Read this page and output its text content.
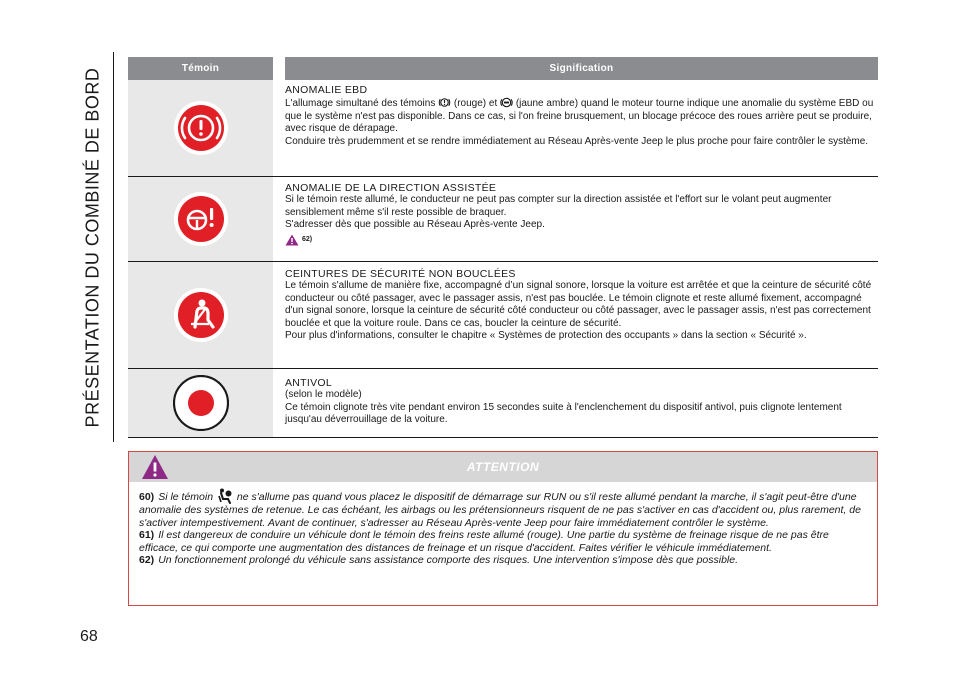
PRÉSENTATION DU COMBINÉ DE BORD
68
Témoin	Signification

ANOMALIE EBD

L'allumage simultané des témoins (rouge) et (jaune ambre) quand le moteur tourne indique une anomalie du système EBD ou que le système n'est pas disponible. Dans ce cas, si l'on freine brusquement, un blocage précoce des roues arrière peut se produire, avec risque de dérapage.

Conduire très prudemment et se rendre immédiatement au Réseau Après-vente Jeep le plus proche pour faire contrôler le système.

ANOMALIE DE LA DIRECTION ASSISTÉE

Si le témoin reste allumé, le conducteur ne peut pas compter sur la direction assistée et l'effort sur le volant peut augmenter sensiblement même s'il reste possible de braquer.

S'adresser dès que possible au Réseau Après-vente Jeep.

62)

CEINTURES DE SÉCURITÉ NON BOUCLÉES

Le témoin s'allume de manière fixe, accompagné d’un signal sonore, lorsque la voiture est arrêtée et que la ceinture de sécurité côté conducteur ou côté passager, avec le passager assis, n'est pas bouclée. Le témoin clignote et reste allumé fixement, accompagné d'un signal sonore, lorsque la ceinture de sécurité côté conducteur ou côté passager, avec le passager assis, n'est pas correctement bouclée et que la voiture roule. Dans ce cas, boucler la ceinture de sécurité.

Pour plus d'informations, consulter le chapitre « Systèmes de protection des occupants » dans la section « Sécurité ».

ANTIVOL

(selon le modèle)

Ce témoin clignote très vite pendant environ 15 secondes suite à l'enclenchement du dispositif antivol, puis clignote lentement jusqu'au déverrouillage de la voiture.

ATTENTION

60) Si le témoin ne s'allume pas quand vous placez le dispositif de démarrage sur RUN ou s'il reste allumé pendant la marche, il s'agit peut-être d'une anomalie des systèmes de retenue. Le cas échéant, les airbags ou les prétensionneurs risquent de ne pas s'activer en cas d'accident ou, plus rarement, de s'activer intempestivement. Avant de continuer, s'adresser au Réseau Après-vente Jeep pour faire immédiatement contrôler le système.

61) Il est dangereux de conduire un véhicule dont le témoin des freins reste allumé (rouge). Une partie du système de freinage risque de ne pas être efficace, ce qui comporte une augmentation des distances de freinage et un risque d'accident. Faites vérifier le véhicule immédiatement.

62) Un fonctionnement prolongé du véhicule sans assistance comporte des risques. Une intervention s'impose dès que possible.
